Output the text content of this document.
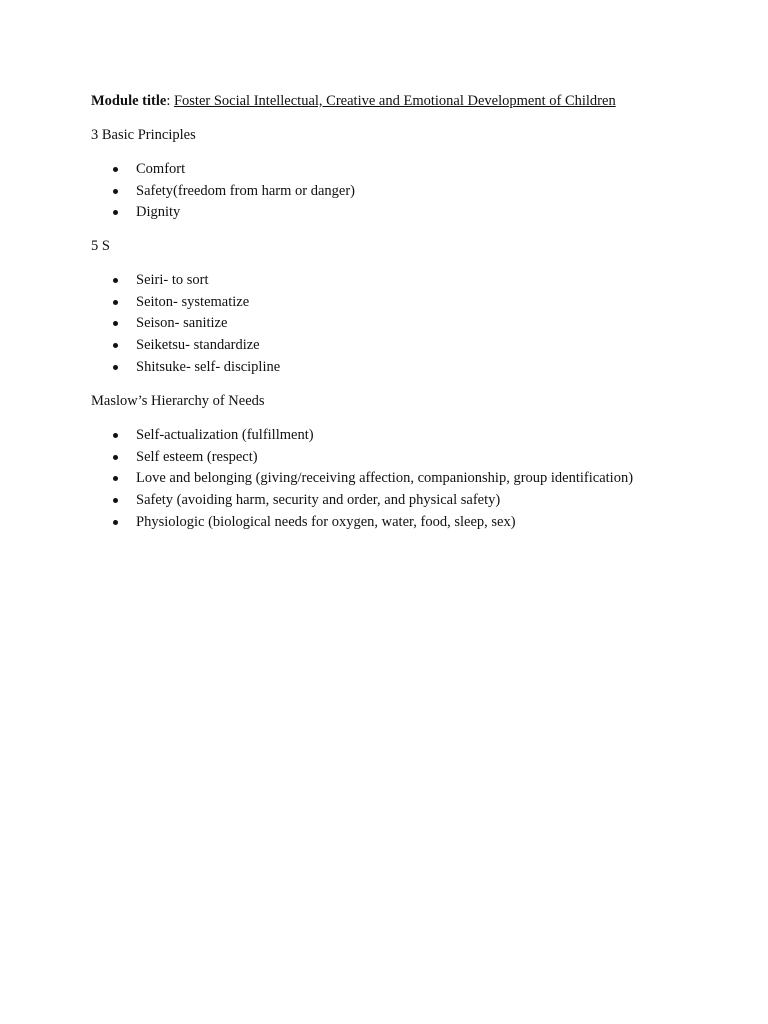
Module title: Foster Social Intellectual, Creative and Emotional Development of Children
3 Basic Principles
Comfort
Safety(freedom from harm or danger)
Dignity
5 S
Seiri- to sort
Seiton- systematize
Seison- sanitize
Seiketsu- standardize
Shitsuke- self- discipline
Maslow’s Hierarchy of Needs
Self-actualization (fulfillment)
Self esteem (respect)
Love and belonging (giving/receiving affection, companionship, group identification)
Safety (avoiding harm, security and order, and physical safety)
Physiologic (biological needs for oxygen, water, food, sleep, sex)
